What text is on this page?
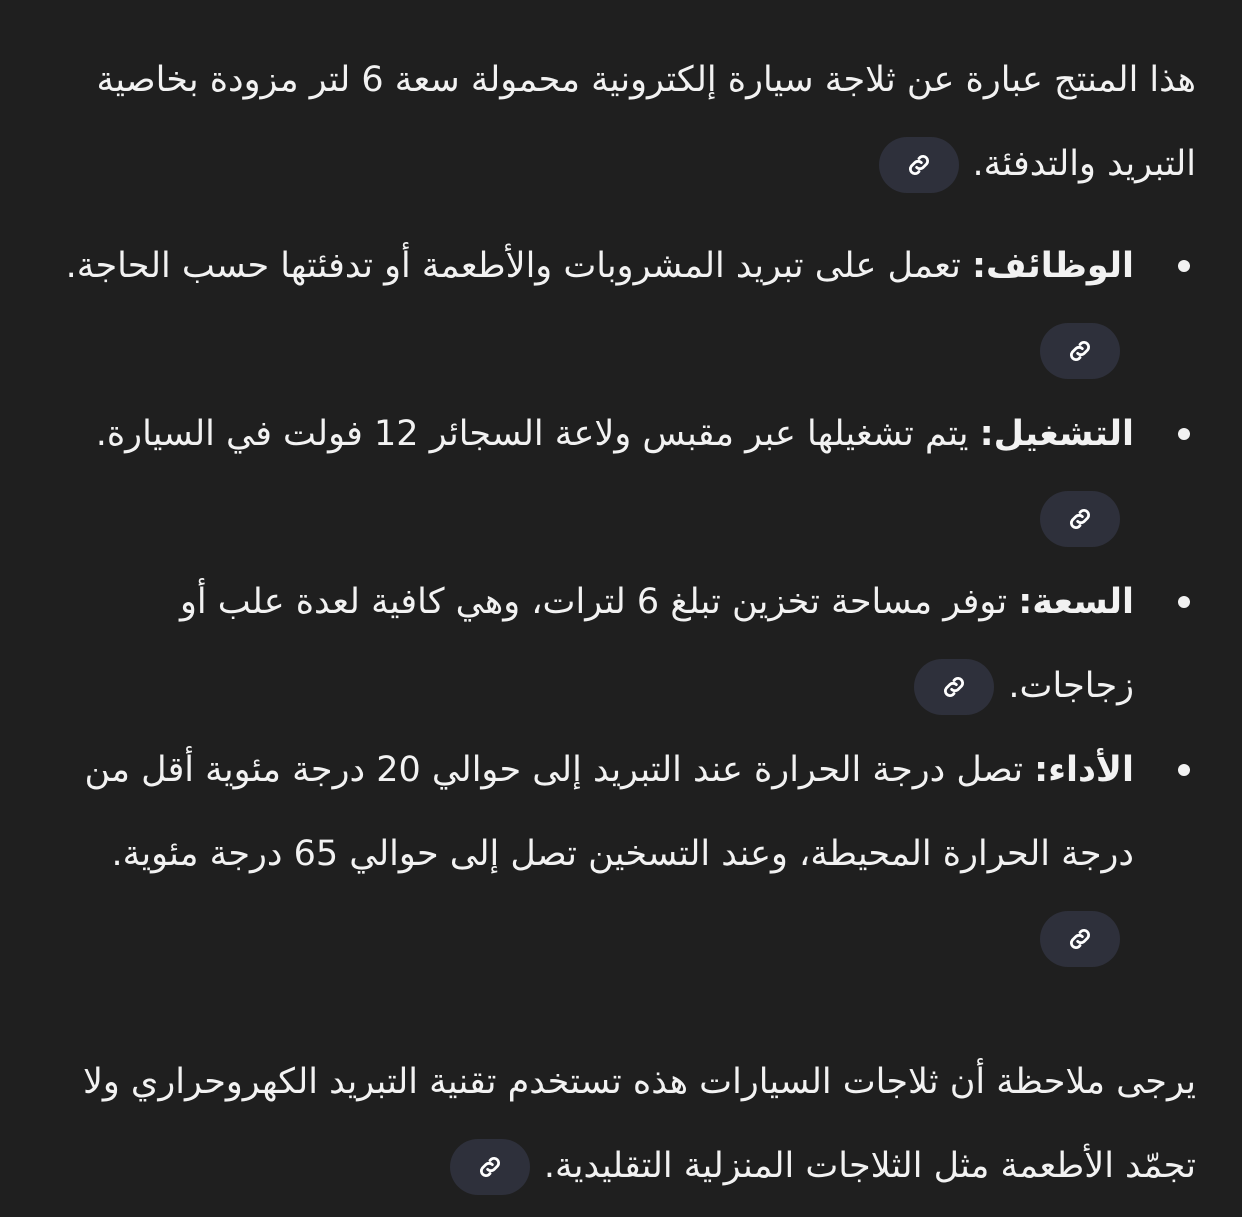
هذا المنتج عبارة عن ثلاجة سيارة إلكترونية محمولة سعة 6 لتر مزودة بخاصية التبريد والتدفئة.

الوظائف: تعمل على تبريد المشروبات والأطعمة أو تدفئتها حسب الحاجة.
التشغيل: يتم تشغيلها عبر مقبس ولاعة السجائر 12 فولت في السيارة.
السعة: توفر مساحة تخزين تبلغ 6 لترات، وهي كافية لعدة علب أو زجاجات.
الأداء: تصل درجة الحرارة عند التبريد إلى حوالي 20 درجة مئوية أقل من درجة الحرارة المحيطة، وعند التسخين تصل إلى حوالي 65 درجة مئوية.

يرجى ملاحظة أن ثلاجات السيارات هذه تستخدم تقنية التبريد الكهروحراري ولا تجمّد الأطعمة مثل الثلاجات المنزلية التقليدية.
